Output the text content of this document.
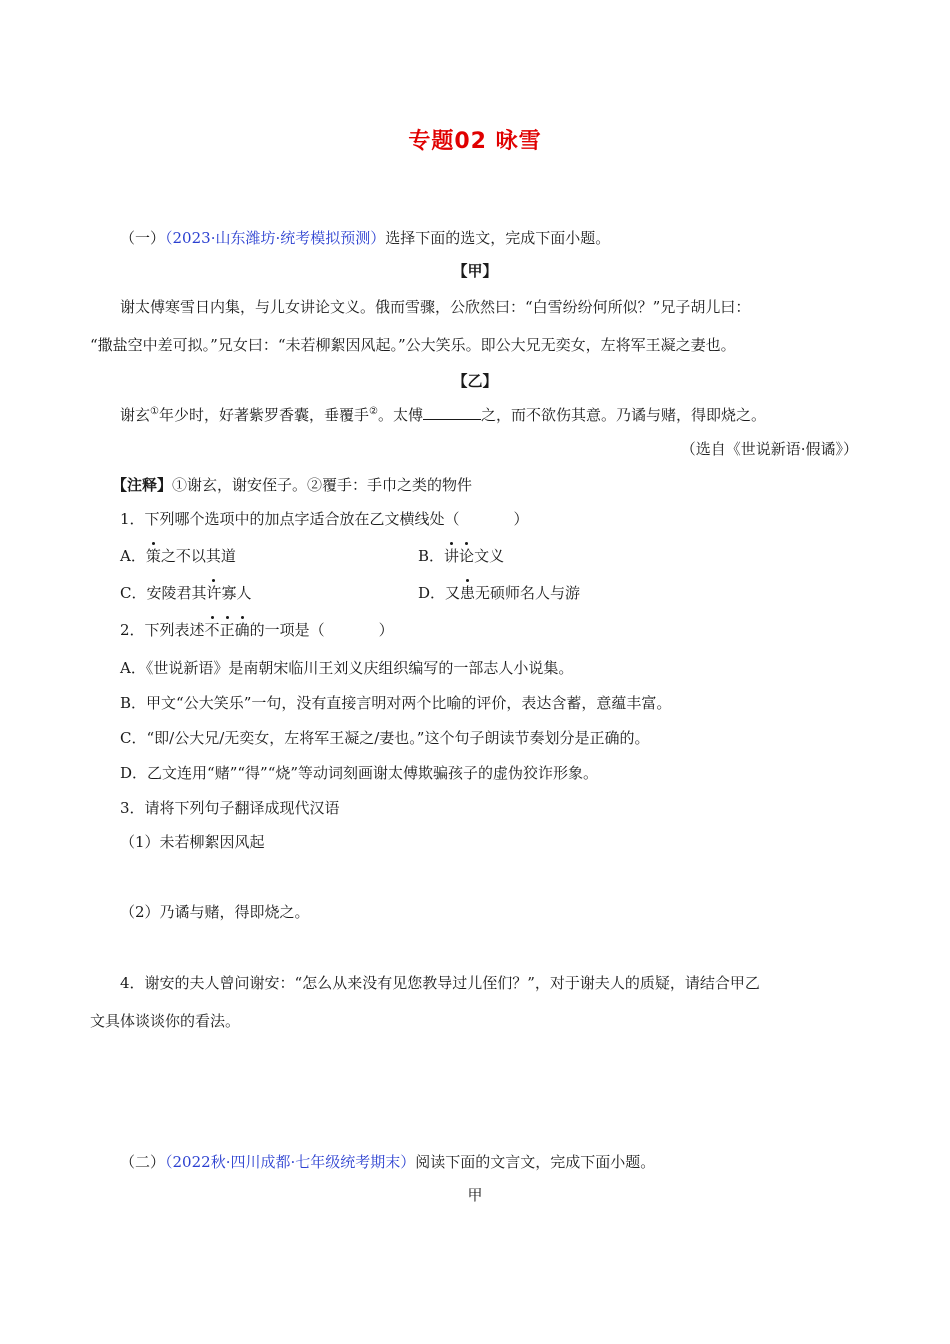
专题02 咏雪
（一）（2023·山东潍坊·统考模拟预测）选择下面的选文，完成下面小题。
【甲】
谢太傅寒雪日内集，与儿女讲论文义。俄而雪骤，公欣然曰：“白雪纷纷何所似？”兄子胡儿曰：
“撒盐空中差可拟。”兄女曰：“未若柳絮因风起。”公大笑乐。即公大兄无奕女，左将军王凝之妻也。
【乙】
谢玄①年少时，好著紫罗香囊，垂覆手②。太傅	之，而不欲伤其意。乃谲与赌，得即烧之。
（选自《世说新语·假谲》）
【注释】①谢玄，谢安侄子。②覆手：手巾之类的物件
1．下列哪个选项中的加点字适合放在乙文横线处（	）
A．策之不以其道	B．讲论文义
C．安陵君其许寡人	D．又患无硕师名人与游
2．下列表述不正确的一项是（	）
A．《世说新语》是南朝宋临川王刘义庆组织编写的一部志人小说集。
B．甲文“公大笑乐”一句，没有直接言明对两个比喻的评价，表达含蓄，意蕴丰富。
C．“即/公大兄/无奕女，左将军王凝之/妻也。”这个句子朗读节奏划分是正确的。
D．乙文连用“赌”“得”“烧”等动词刻画谢太傅欺骗孩子的虚伪狡诈形象。
3．请将下列句子翻译成现代汉语
（1）未若柳絮因风起
（2）乃谲与赌，得即烧之。
4．谢安的夫人曾问谢安：“怎么从来没有见您教导过儿侄们？”，对于谢夫人的质疑，请结合甲乙
文具体谈谈你的看法。
（二）（2022秋·四川成都·七年级统考期末）阅读下面的文言文，完成下面小题。
甲
